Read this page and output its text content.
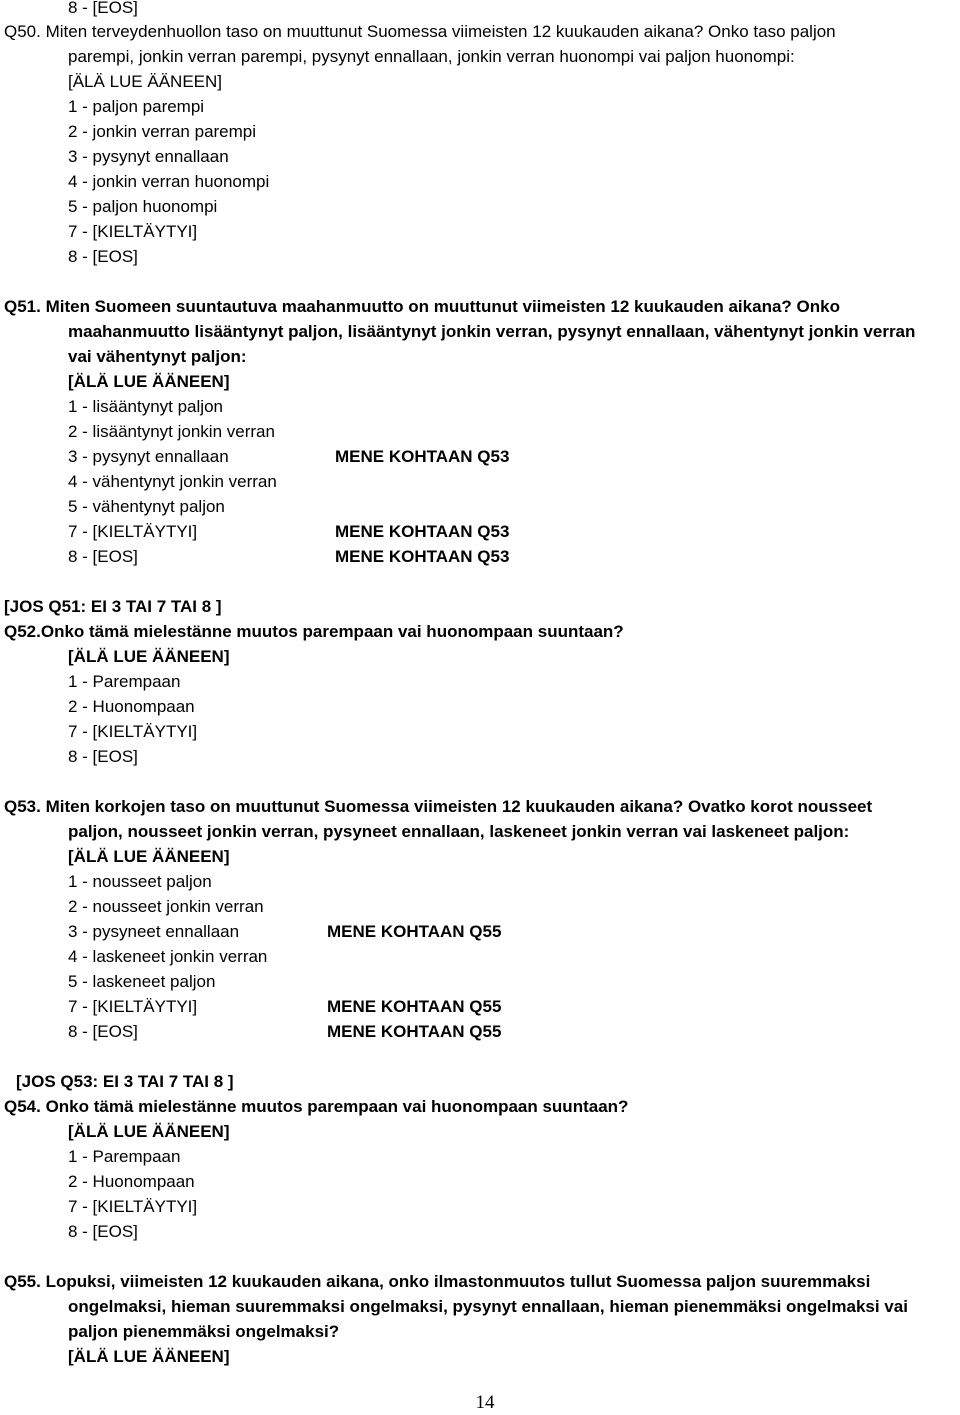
8 - [EOS]
Q50. Miten terveydenhuollon taso on muuttunut Suomessa viimeisten 12 kuukauden aikana? Onko taso paljon
parempi, jonkin verran parempi, pysynyt ennallaan, jonkin verran huonompi vai paljon huonompi:
[ÄLÄ LUE ÄÄNEEN]
1 - paljon parempi
2 - jonkin verran parempi
3 - pysynyt ennallaan
4 - jonkin verran huonompi
5 - paljon huonompi
7 - [KIELTÄYTYI]
8 - [EOS]
Q51. Miten Suomeen suuntautuva maahanmuutto on muuttunut viimeisten 12 kuukauden aikana? Onko
maahanmuutto lisääntynyt paljon, lisääntynyt jonkin verran, pysynyt ennallaan, vähentynyt jonkin verran
vai vähentynyt paljon:
[ÄLÄ LUE ÄÄNEEN]
1 - lisääntynyt paljon
2 - lisääntynyt jonkin verran
3 - pysynyt ennallaan	MENE KOHTAAN Q53
4 - vähentynyt jonkin verran
5 - vähentynyt paljon
7 - [KIELTÄYTYI]	MENE KOHTAAN Q53
8 - [EOS]	MENE KOHTAAN Q53
[JOS Q51: EI 3 TAI 7 TAI 8 ]
Q52.Onko tämä mielestänne muutos parempaan vai huonompaan suuntaan?
[ÄLÄ LUE ÄÄNEEN]
1 - Parempaan
2 - Huonompaan
7 - [KIELTÄYTYI]
8 - [EOS]
Q53. Miten korkojen taso on muuttunut Suomessa viimeisten 12 kuukauden aikana? Ovatko korot nousseet
paljon, nousseet jonkin verran, pysyneet ennallaan, laskeneet jonkin verran vai laskeneet paljon:
[ÄLÄ LUE ÄÄNEEN]
1 - nousseet paljon
2 - nousseet jonkin verran
3 - pysyneet ennallaan	MENE KOHTAAN Q55
4 - laskeneet jonkin verran
5 - laskeneet paljon
7 - [KIELTÄYTYI]	MENE KOHTAAN Q55
8 - [EOS]	MENE KOHTAAN Q55
[JOS Q53: EI 3 TAI 7 TAI 8 ]
Q54. Onko tämä mielestänne muutos parempaan vai huonompaan suuntaan?
[ÄLÄ LUE ÄÄNEEN]
1 - Parempaan
2 - Huonompaan
7 - [KIELTÄYTYI]
8 - [EOS]
Q55. Lopuksi, viimeisten 12 kuukauden aikana, onko ilmastonmuutos tullut Suomessa paljon suuremmaksi
ongelmaksi, hieman suuremmaksi ongelmaksi, pysynyt ennallaan, hieman pienemmäksi ongelmaksi vai
paljon pienemmäksi ongelmaksi?
[ÄLÄ LUE ÄÄNEEN]
14
